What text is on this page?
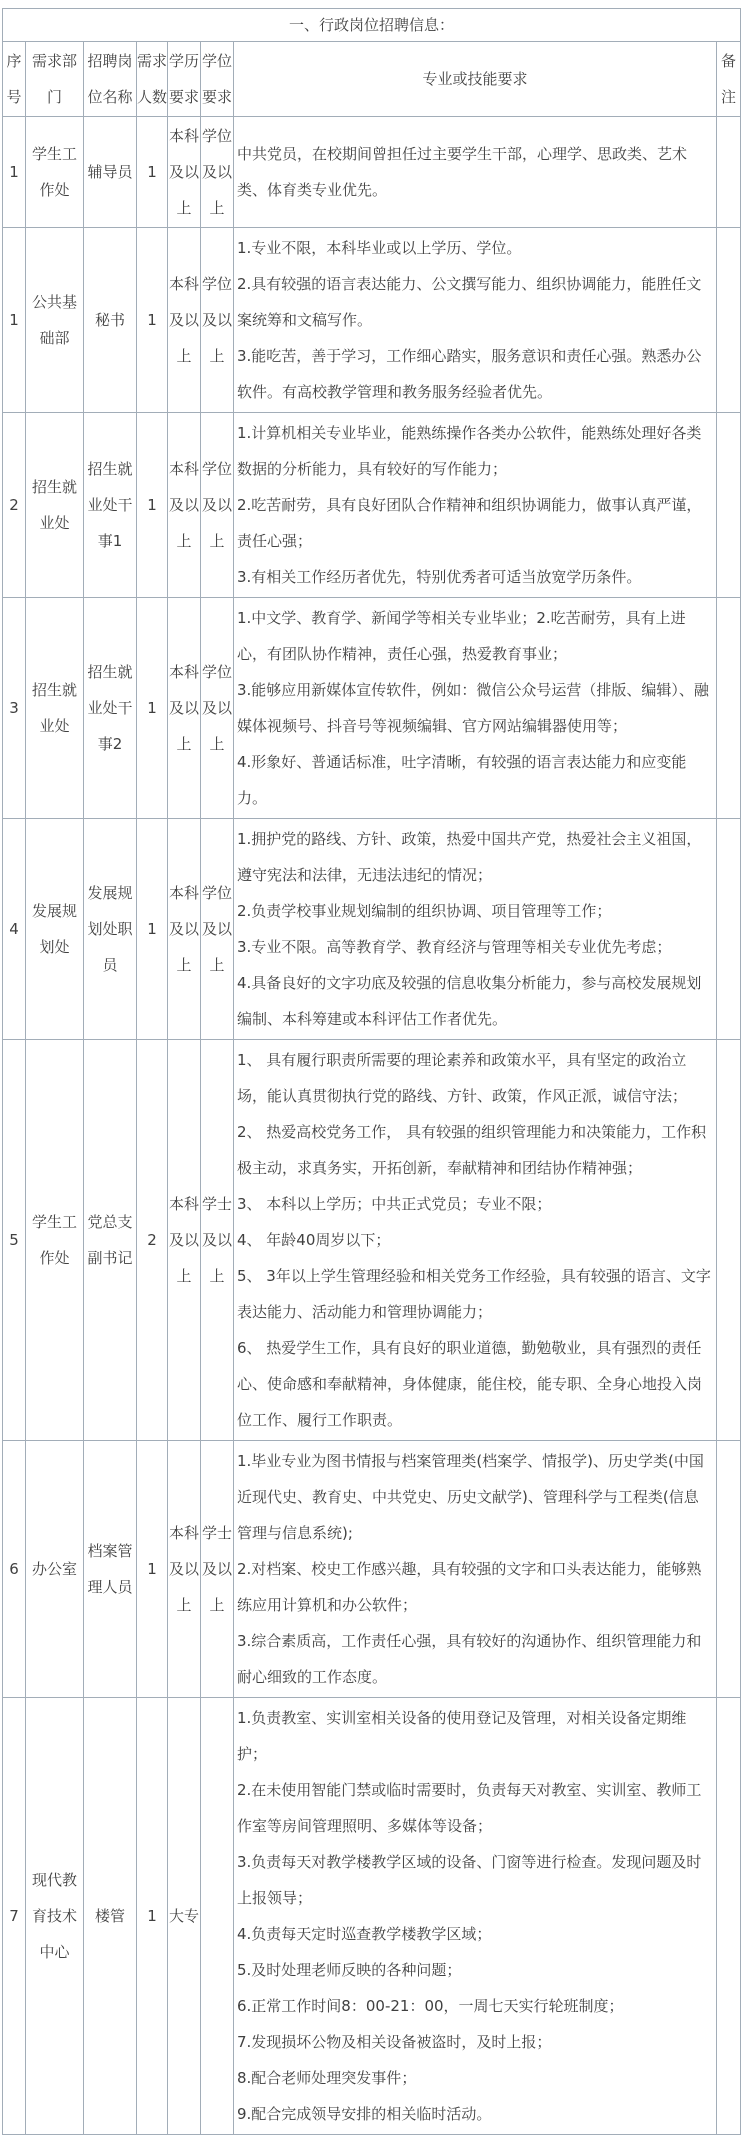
一、行政岗位招聘信息：							
序号	需求部门	招聘岗位名称	需求人数	学历要求	学位要求	专业或技能要求	备注
1	学生工作处	辅导员	1	本科及以上	学位及以上	中共党员，在校期间曾担任过主要学生干部，心理学、思政类、艺术类、体育类专业优先。	

1	公共基础部	秘书	1	本科及以上	学位及以上	1.专业不限，本科毕业或以上学历、学位。

2.具有较强的语言表达能力、公文撰写能力、组织协调能力，能胜任文案统筹和文稿写作。

3.能吃苦，善于学习，工作细心踏实，服务意识和责任心强。熟悉办公软件。有高校教学管理和教务服务经验者优先。	

2	招生就业处	招生就业处干事1	1	本科及以上	学位及以上	1.计算机相关专业毕业，能熟练操作各类办公软件，能熟练处理好各类数据的分析能力，具有较好的写作能力；

2.吃苦耐劳，具有良好团队合作精神和组织协调能力，做事认真严谨，责任心强；

3.有相关工作经历者优先，特别优秀者可适当放宽学历条件。	

3	招生就业处	招生就业处干事2	1	本科及以上	学位及以上	1.中文学、教育学、新闻学等相关专业毕业；2.吃苦耐劳，具有上进心，有团队协作精神，责任心强，热爱教育事业；

3.能够应用新媒体宣传软件，例如：微信公众号运营（排版、编辑）、融媒体视频号、抖音号等视频编辑、官方网站编辑器使用等；

4.形象好、普通话标准，吐字清晰，有较强的语言表达能力和应变能力。	

4	发展规划处	发展规划处职员	1	本科及以上	学位及以上	1.拥护党的路线、方针、政策，热爱中国共产党，热爱社会主义祖国，遵守宪法和法律，无违法违纪的情况；

2.负责学校事业规划编制的组织协调、项目管理等工作；

3.专业不限。高等教育学、教育经济与管理等相关专业优先考虑；

4.具备良好的文字功底及较强的信息收集分析能力，参与高校发展规划编制、本科筹建或本科评估工作者优先。	

5	学生工作处	党总支副书记	2	本科及以上	学士及以上	

1、 具有履行职责所需要的理论素养和政策水平，具有坚定的政治立场，能认真贯彻执行党的路线、方针、政策，作风正派，诚信守法；

2、 热爱高校党务工作， 具有较强的组织管理能力和决策能力，工作积极主动，求真务实，开拓创新，奉献精神和团结协作精神强；

3、 本科以上学历；中共正式党员；专业不限；

4、 年龄40周岁以下；

5、 3年以上学生管理经验和相关党务工作经验，具有较强的语言、文字表达能力、活动能力和管理协调能力；

6、 热爱学生工作，具有良好的职业道德，勤勉敬业，具有强烈的责任心、使命感和奉献精神，身体健康，能住校，能专职、全身心地投入岗位工作、履行工作职责。

6	办公室	档案管理人员	1	本科及以上	学士及以上	1.毕业专业为图书情报与档案管理类(档案学、情报学)、历史学类(中国近现代史、教育史、中共党史、历史文献学)、管理科学与工程类(信息管理与信息系统);

2.对档案、校史工作感兴趣，具有较强的文字和口头表达能力，能够熟练应用计算机和办公软件；

3.综合素质高，工作责任心强，具有较好的沟通协作、组织管理能力和耐心细致的工作态度。	

7	现代教育技术中心	楼管	1	大专		

1.负责教室、实训室相关设备的使用登记及管理，对相关设备定期维护；

2.在未使用智能门禁或临时需要时，负责每天对教室、实训室、教师工作室等房间管理照明、多媒体等设备；

3.负责每天对教学楼教学区域的设备、门窗等进行检查。发现问题及时上报领导；

4.负责每天定时巡查教学楼教学区域；

5.及时处理老师反映的各种问题；

6.正常工作时间8：00-21：00，一周七天实行轮班制度；

7.发现损坏公物及相关设备被盗时，及时上报；

8.配合老师处理突发事件；

9.配合完成领导安排的相关临时活动。
